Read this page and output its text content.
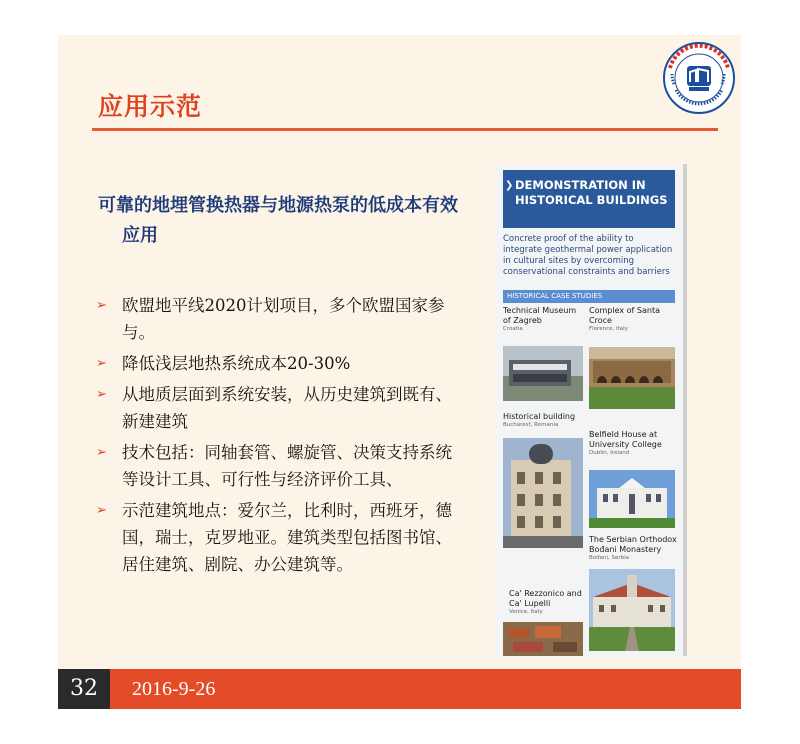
应用示范
可靠的地埋管换热器与地源热泵的低成本有效
应用
➢ 欧盟地平线2020计划项目，多个欧盟国家参与。
➢ 降低浅层地热系统成本20-30%
➢ 从地质层面到系统安装，从历史建筑到既有、新建建筑
➢ 技术包括：同轴套管、螺旋管、决策支持系统等设计工具、可行性与经济评价工具、
➢ 示范建筑地点：爱尔兰，比利时，西班牙，德国，瑞士，克罗地亚。建筑类型包括图书馆、居住建筑、剧院、办公建筑等。
❯ DEMONSTRATION IN
HISTORICAL BUILDINGS
Concrete proof of the ability to integrate geothermal power application in cultural sites by overcoming conservational constraints and barriers
HISTORICAL CASE STUDIES
Technical Museum of Zagreb
Croatia
Complex of Santa Croce
Florence, Italy
Historical building
Bucharest, Romania
Belfield House at University College
Dublin, Ireland
The Serbian Orthodox Bođani Monastery
Bođani, Serbia
Ca' Rezzonico and Ca' Lupelli
Venice, Italy
32	2016-9-26
